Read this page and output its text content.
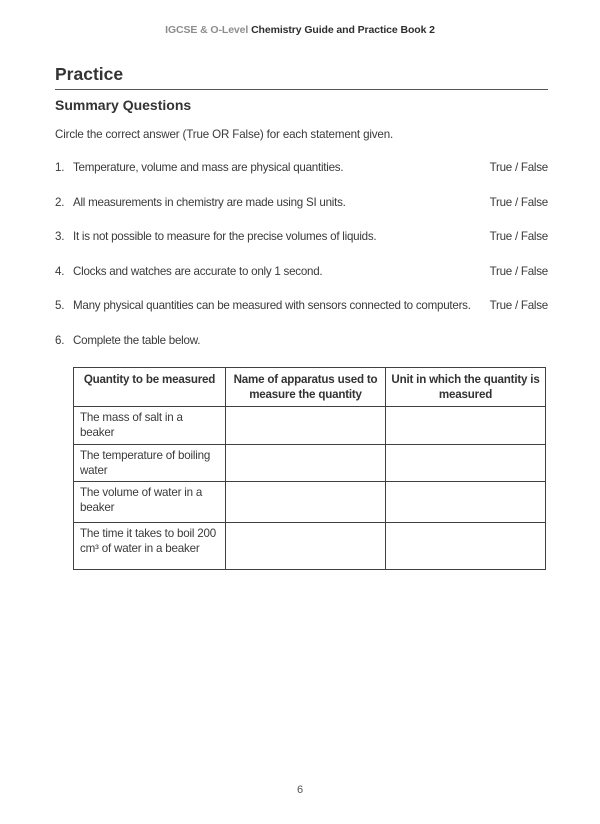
IGCSE & O-Level Chemistry Guide and Practice Book 2
Practice
Summary Questions

Circle the correct answer (True OR False) for each statement given.

1. Temperature, volume and mass are physical quantities.	True / False
2. All measurements in chemistry are made using SI units.	True / False
3. It is not possible to measure for the precise volumes of liquids.	True / False
4. Clocks and watches are accurate to only 1 second.	True / False
5. Many physical quantities can be measured with sensors connected to computers.	True / False
6. Complete the table below.
Quantity to be measured	Name of apparatus used to measure the quantity	Unit in which the quantity is measured
The mass of salt in a beaker		
The temperature of boiling water		
The volume of water in a beaker		
The time it takes to boil 200 cm³ of water in a beaker		
6
